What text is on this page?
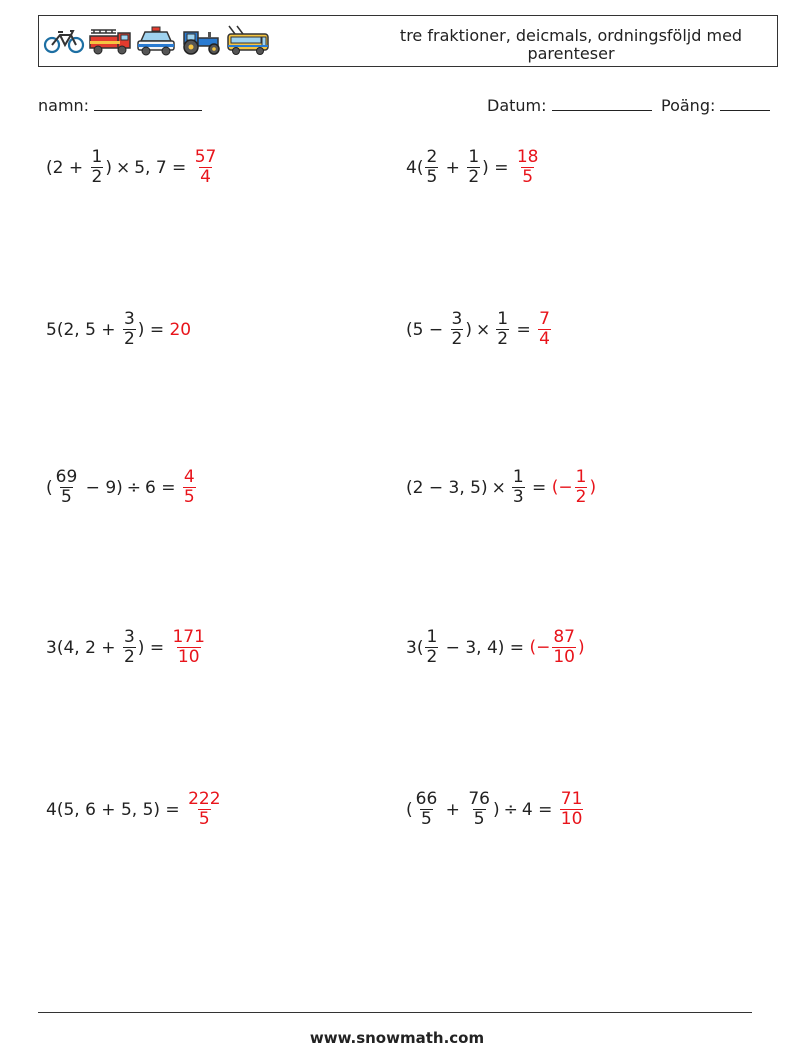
tre fraktioner, deicmals, ordningsföljd med parenteser
namn:	Datum:	Poäng:
($2 + \frac{1}{2}$ ) × 5, $7 = \frac{57}{4}$	$4( \frac{2}{5} + \frac{1}{2}$ ) = $\frac{18}{5}$
5(2, $5 + \frac{3}{2}$ ) = 20	($5 - \frac{3}{2}$ ) × $\frac{1}{2} = \frac{7}{4}$
( $\frac{69}{5} - 9) \div 6 = \frac{4}{5}$	(2 − 3, $5) \times \frac{1}{3}$ = (− $\frac{1}{2}$ )
3(4, $2 + \frac{3}{2}$ ) = $\frac{171}{10}$	$3( \frac{1}{2} - 3$, 4) = (− $\frac{87}{10}$ )
4(5, 6 + 5, $5) = \frac{222}{5}$	( $\frac{66}{5} + \frac{76}{5}$ ) ÷ $4 = \frac{71}{10}$
www.snowmath.com
